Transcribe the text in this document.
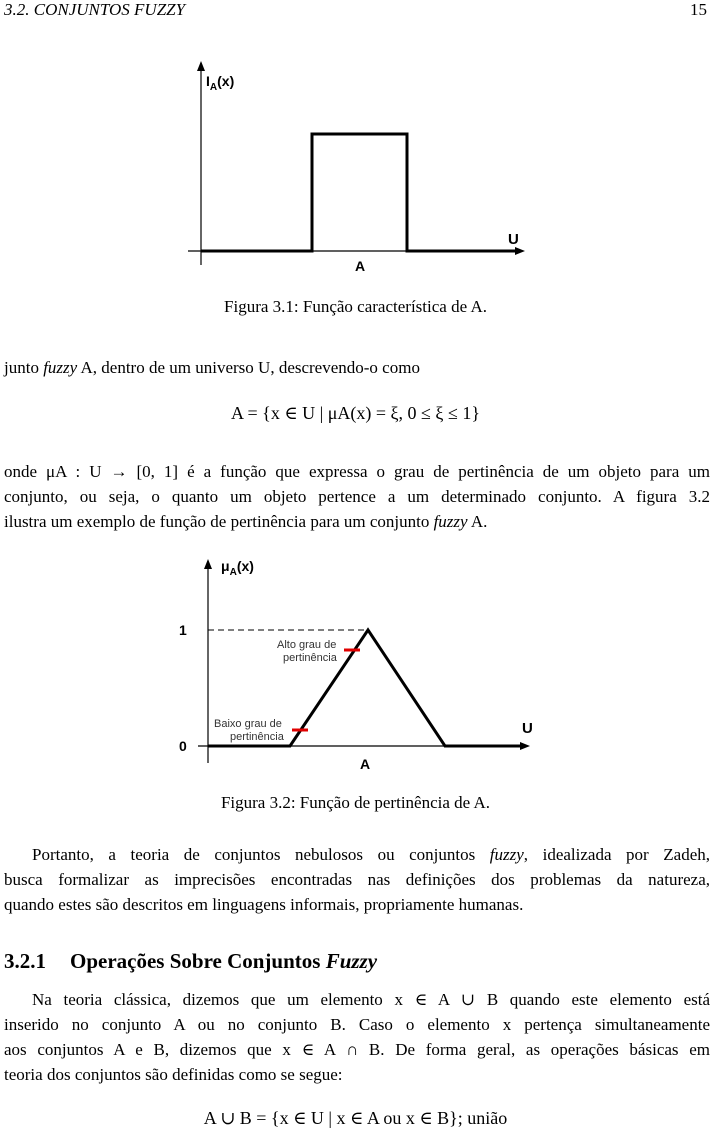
3.2. CONJUNTOS FUZZY	15
$I_A(x)$
U
A
Figura 3.1: Função característica de A.
junto fuzzy A, dentro de um universo U, descrevendo-o como
A = {x ∈ U | μA(x) = ξ, 0 ≤ ξ ≤ 1}
onde μA : U → [0, 1] é a função que expressa o grau de pertinência de um objeto para um
conjunto, ou seja, o quanto um objeto pertence a um determinado conjunto. A figura 3.2
ilustra um exemplo de função de pertinência para um conjunto fuzzy A.
$\mu_A(x)$
1
0
U
A
Alto grau de
pertinência
Baixo grau de
pertinência
Figura 3.2: Função de pertinência de A.
Portanto, a teoria de conjuntos nebulosos ou conjuntos fuzzy, idealizada por Zadeh,
busca formalizar as imprecisões encontradas nas definições dos problemas da natureza,
quando estes são descritos em linguagens informais, propriamente humanas.
3.2.1 Operações Sobre Conjuntos Fuzzy
Na teoria clássica, dizemos que um elemento x ∈ A ∪ B quando este elemento está
inserido no conjunto A ou no conjunto B. Caso o elemento x pertença simultaneamente
aos conjuntos A e B, dizemos que x ∈ A ∩ B. De forma geral, as operações básicas em
teoria dos conjuntos são definidas como se segue:
A ∪ B = {x ∈ U | x ∈ A ou x ∈ B}; união
